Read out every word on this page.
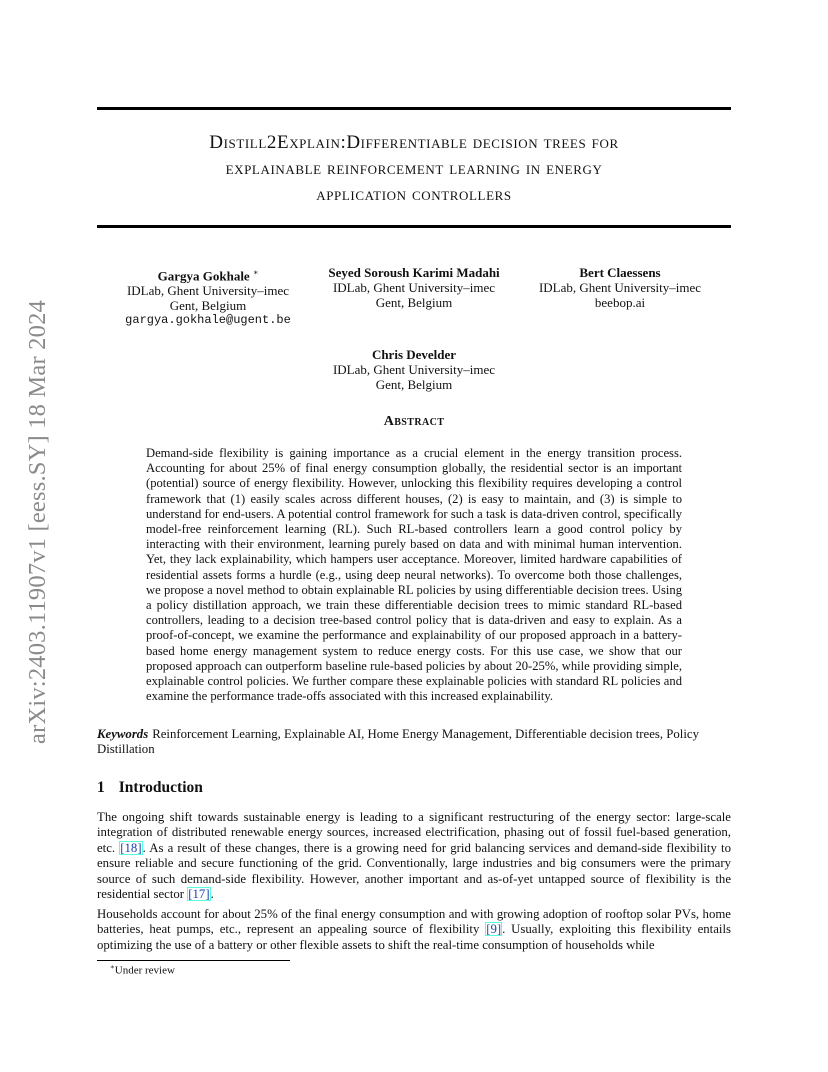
arXiv:2403.11907v1 [eess.SY] 18 Mar 2024
Distill2Explain:Differentiable decision trees for
explainable reinforcement learning in energy
application controllers
Gargya Gokhale ∗
IDLab, Ghent University–imec
Gent, Belgium
gargya.gokhale@ugent.be
Seyed Soroush Karimi Madahi
IDLab, Ghent University–imec
Gent, Belgium
Bert Claessens
IDLab, Ghent University–imec
beebop.ai
Chris Develder
IDLab, Ghent University–imec
Gent, Belgium
Abstract
Demand-side flexibility is gaining importance as a crucial element in the energy transition process. Accounting for about 25% of final energy consumption globally, the residential sector is an important (potential) source of energy flexibility. However, unlocking this flexibility requires developing a control framework that (1) easily scales across different houses, (2) is easy to maintain, and (3) is simple to understand for end-users. A potential control framework for such a task is data-driven control, specifically model-free reinforcement learning (RL). Such RL-based controllers learn a good control policy by interacting with their environment, learning purely based on data and with minimal human intervention. Yet, they lack explainability, which hampers user acceptance. Moreover, limited hardware capabilities of residential assets forms a hurdle (e.g., using deep neural networks). To overcome both those challenges, we propose a novel method to obtain explainable RL policies by using differentiable decision trees. Using a policy distillation approach, we train these differentiable decision trees to mimic standard RL-based controllers, leading to a decision tree-based control policy that is data-driven and easy to explain. As a proof-of-concept, we examine the performance and explainability of our proposed approach in a battery-based home energy management system to reduce energy costs. For this use case, we show that our proposed approach can outperform baseline rule-based policies by about 20-25%, while providing simple, explainable control policies. We further compare these explainable policies with standard RL policies and examine the performance trade-offs associated with this increased explainability.
Keywords Reinforcement Learning, Explainable AI, Home Energy Management, Differentiable decision trees, Policy Distillation
1 Introduction
The ongoing shift towards sustainable energy is leading to a significant restructuring of the energy sector: large-scale integration of distributed renewable energy sources, increased electrification, phasing out of fossil fuel-based generation, etc. [18]. As a result of these changes, there is a growing need for grid balancing services and demand-side flexibility to ensure reliable and secure functioning of the grid. Conventionally, large industries and big consumers were the primary source of such demand-side flexibility. However, another important and as-of-yet untapped source of flexibility is the residential sector [17].
Households account for about 25% of the final energy consumption and with growing adoption of rooftop solar PVs, home batteries, heat pumps, etc., represent an appealing source of flexibility [9]. Usually, exploiting this flexibility entails optimizing the use of a battery or other flexible assets to shift the real-time consumption of households while
∗Under review
